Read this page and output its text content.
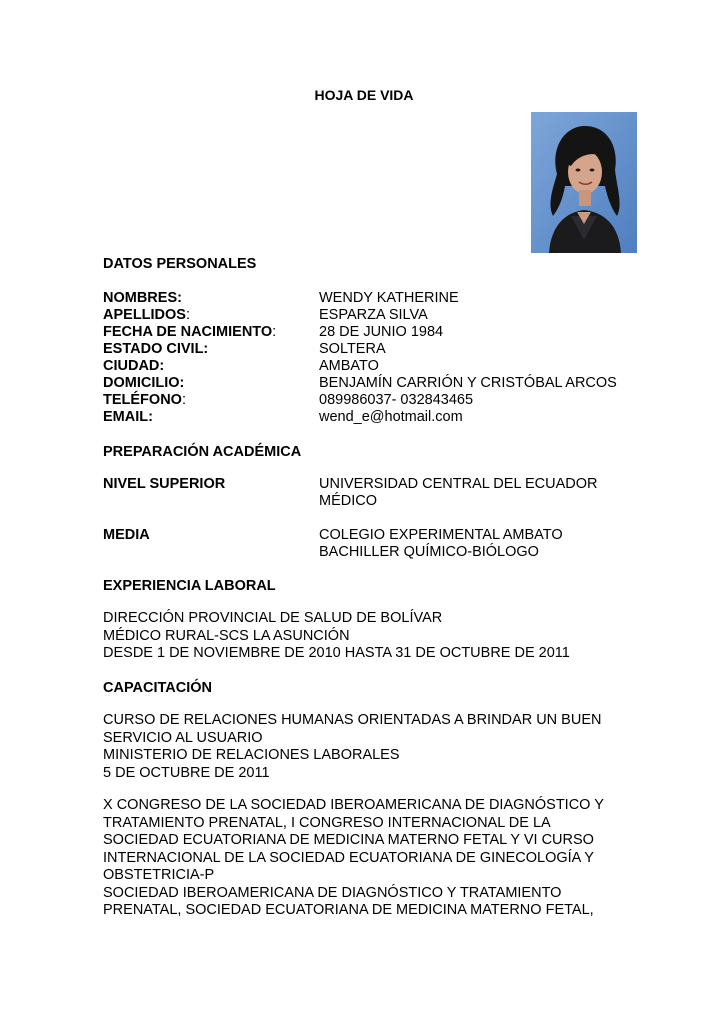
HOJA DE VIDA
DATOS PERSONALES
NOMBRES:	WENDY KATHERINE
APELLIDOS:	ESPARZA SILVA
FECHA DE NACIMIENTO:	28 DE JUNIO 1984
ESTADO CIVIL:	SOLTERA
CIUDAD:	AMBATO
DOMICILIO:	BENJAMÍN CARRIÓN Y CRISTÓBAL ARCOS
TELÉFONO:	089986037- 032843465
EMAIL:	wend_e@hotmail.com
PREPARACIÓN ACADÉMICA
NIVEL SUPERIOR	UNIVERSIDAD CENTRAL DEL ECUADOR
MÉDICO
MEDIA	COLEGIO EXPERIMENTAL AMBATO
BACHILLER QUÍMICO-BIÓLOGO
EXPERIENCIA LABORAL
DIRECCIÓN PROVINCIAL DE SALUD DE BOLÍVAR
MÉDICO RURAL-SCS LA ASUNCIÓN
DESDE 1 DE NOVIEMBRE DE 2010 HASTA 31 DE OCTUBRE DE 2011
CAPACITACIÓN
CURSO DE RELACIONES HUMANAS ORIENTADAS A BRINDAR UN BUEN
SERVICIO AL USUARIO
MINISTERIO DE RELACIONES LABORALES
5 DE OCTUBRE DE 2011
X CONGRESO DE LA SOCIEDAD IBEROAMERICANA DE DIAGNÓSTICO Y
TRATAMIENTO PRENATAL, I CONGRESO INTERNACIONAL DE LA
SOCIEDAD ECUATORIANA DE MEDICINA MATERNO FETAL Y VI CURSO
INTERNACIONAL DE LA SOCIEDAD ECUATORIANA DE GINECOLOGÍA Y
OBSTETRICIA-P
SOCIEDAD IBEROAMERICANA DE DIAGNÓSTICO Y TRATAMIENTO
PRENATAL, SOCIEDAD ECUATORIANA DE MEDICINA MATERNO FETAL,
